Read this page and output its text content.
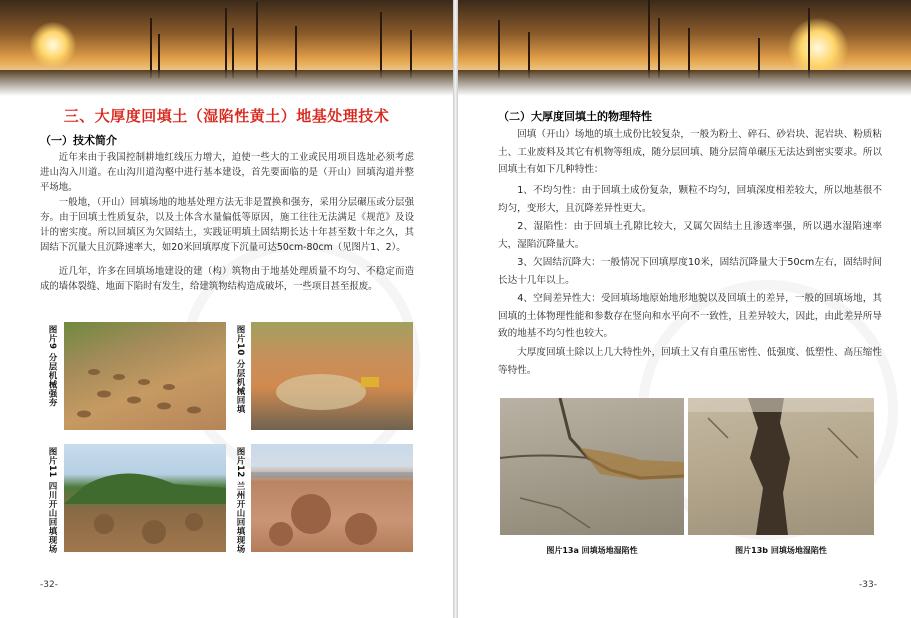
三、大厚度回填土（湿陷性黄土）地基处理技术
（一）技术简介
近年来由于我国控制耕地红线压力增大，迫使一些大的工业或民用项目选址必须考虑进山沟入川道。在山沟川道沟壑中进行基本建设，首先要面临的是（开山）回填沟道并整平场地。
一般地，（开山）回填场地的地基处理方法无非是置换和强夯，采用分层碾压或分层强夯。由于回填土性质复杂，以及土体含水量偏低等原因，施工往往无法满足《规范》及设计的密实度。所以回填区为欠固结土，实践证明填土固结期长达十年甚至数十年之久，其固结下沉量大且沉降速率大，如20米回填厚度下沉量可达50cm-80cm（见图片1、2）。
近几年，许多在回填场地建设的建（构）筑物由于地基处理质量不均匀、不稳定而造成的墙体裂缝、地面下陷时有发生，给建筑物结构造成破坏，一些项目甚至报废。
图片9 分层机械强夯	图片10 分层机械回填
图片11 四川开山回填现场	图片12 兰州开山回填现场
-32-
（二）大厚度回填土的物理特性
回填（开山）场地的填土成份比较复杂，一般为粉土、碎石、砂岩块、泥岩块、粉质粘土、工业废料及其它有机物等组成，随分层回填、随分层简单碾压无法达到密实要求。所以回填土有如下几种特性：
1、不均匀性：由于回填土成份复杂，颗粒不均匀，回填深度相差较大，所以地基很不均匀，变形大，且沉降差异性更大。
2、湿陷性：由于回填土孔隙比较大，又属欠固结土且渗透率强，所以遇水湿陷速率大，湿陷沉降量大。
3、欠固结沉降大：一般情况下回填厚度10米，固结沉降量大于50cm左右，固结时间长达十几年以上。
4、空间差异性大：受回填场地原始地形地貌以及回填土的差异，一般的回填场地，其回填的土体物理性能和参数存在竖向和水平向不一致性，且差异较大，因此，由此差异所导致的地基不均匀性也较大。
大厚度回填土除以上几大特性外，回填土又有自重压密性、低强度、低塑性、高压缩性等特性。
图片13a 回填场地湿陷性	图片13b 回填场地湿陷性
-33-
